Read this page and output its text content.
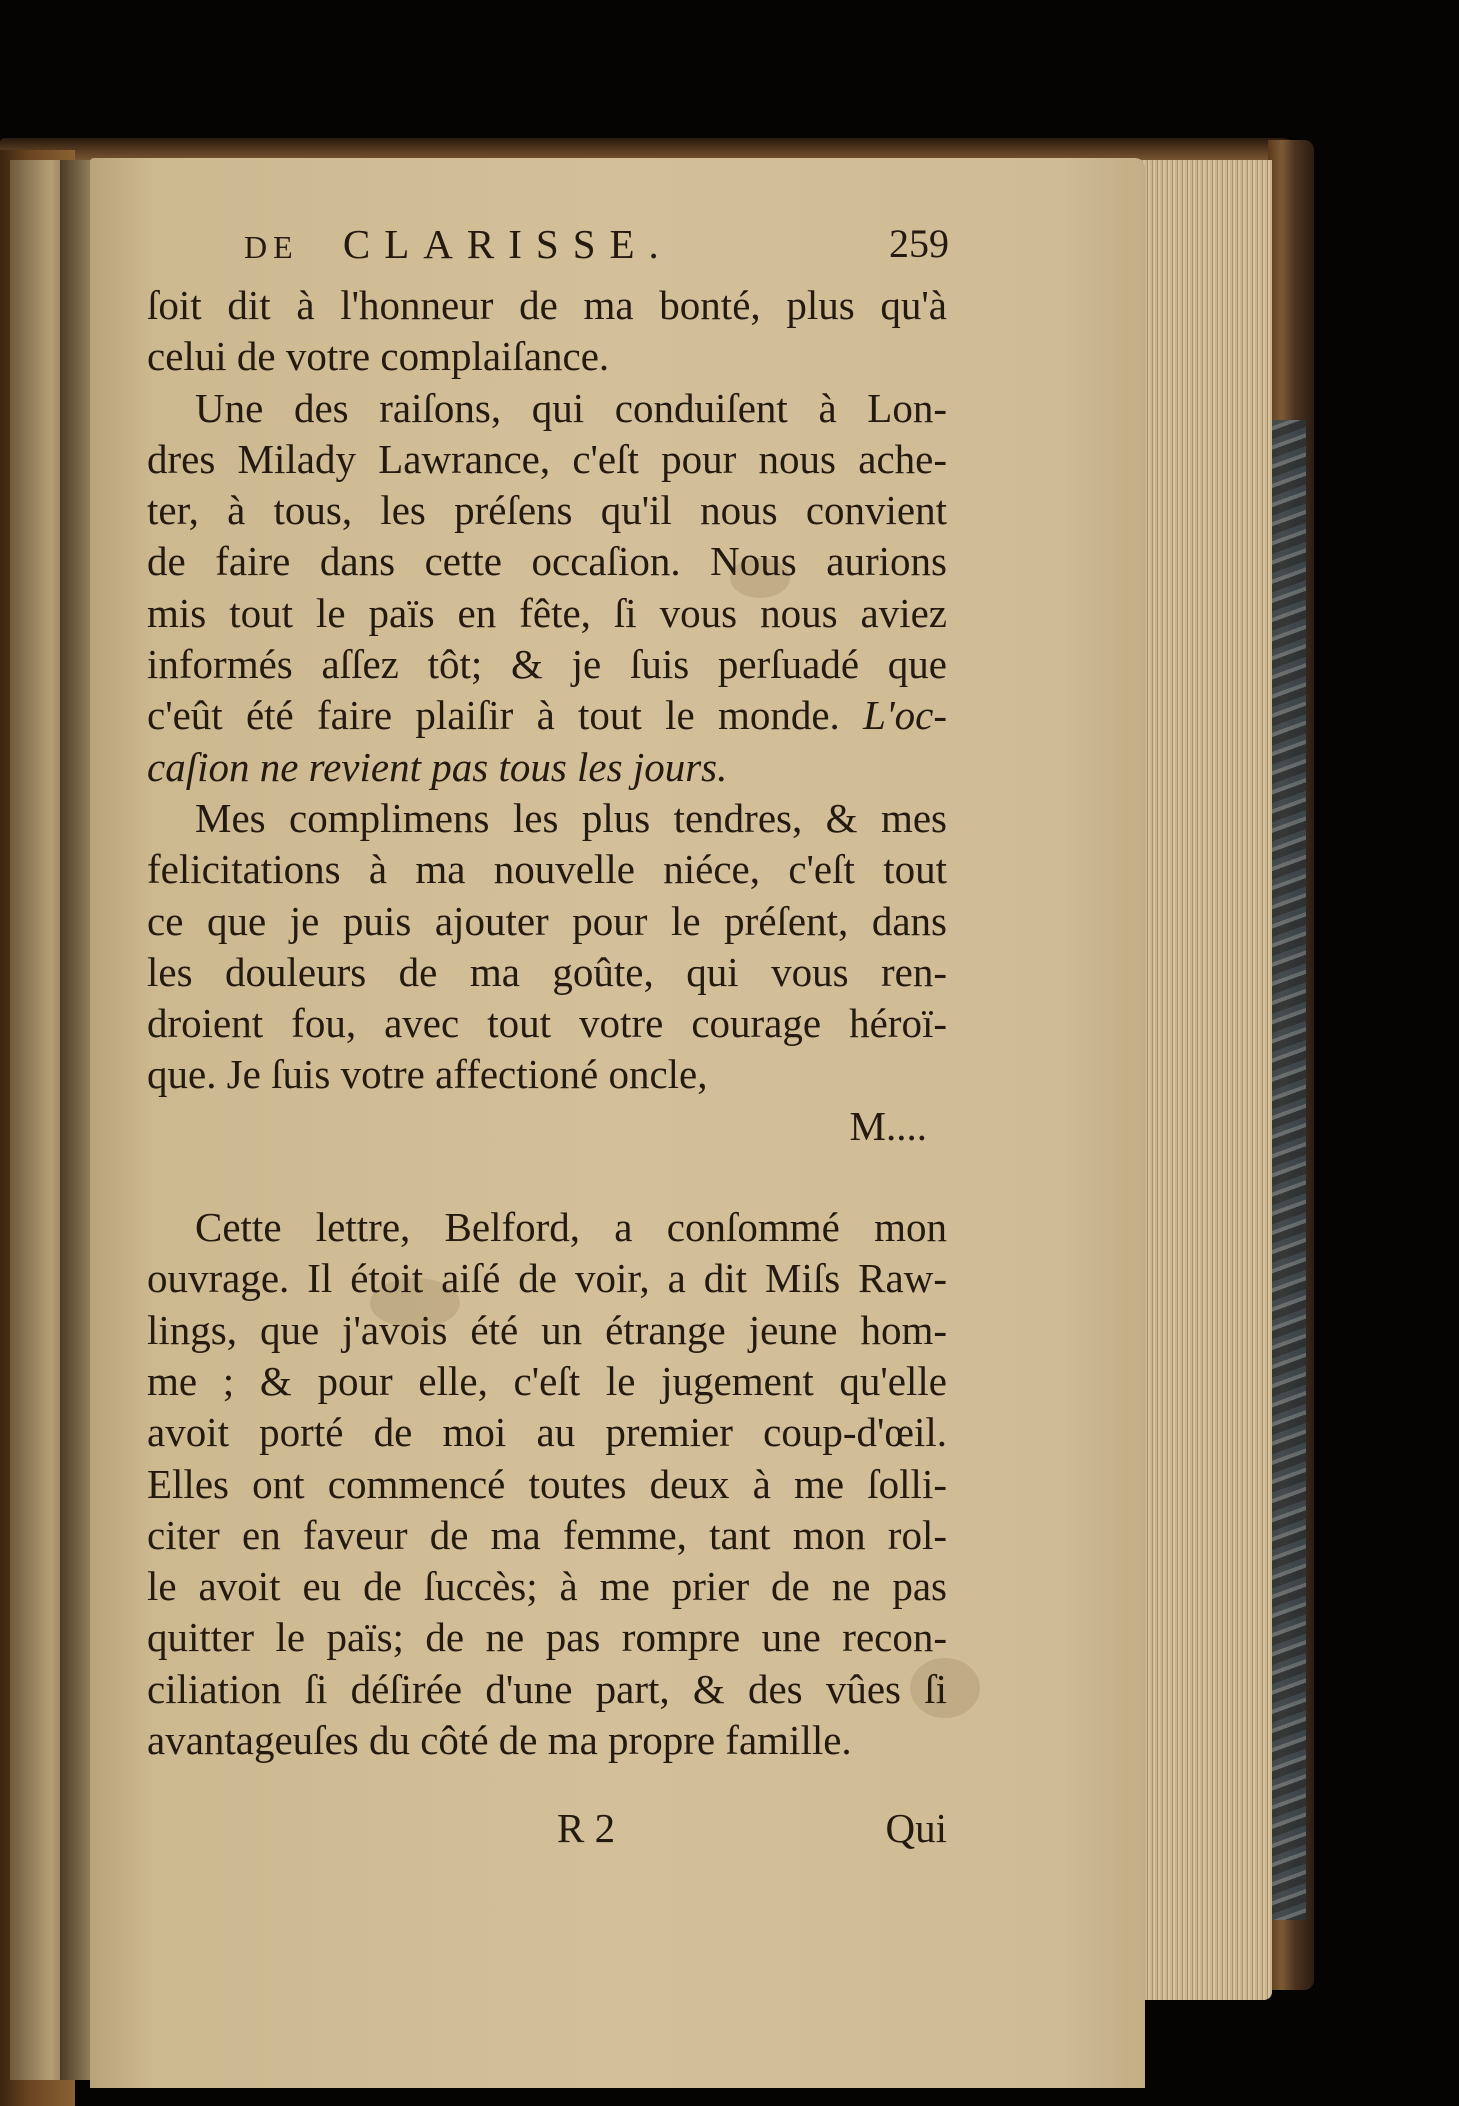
DE CLARISSE.	259
ſoit dit à l'honneur de ma bonté, plus qu'à
celui de votre complaiſance.
Une des raiſons, qui conduiſent à Lon-
dres Milady Lawrance, c'eſt pour nous ache-
ter, à tous, les préſens qu'il nous convient
de faire dans cette occaſion. Nous aurions
mis tout le païs en fête, ſi vous nous aviez
informés aſſez tôt; & je ſuis perſuadé que
c'eût été faire plaiſir à tout le monde. L'oc-
caſion ne revient pas tous les jours.
Mes complimens les plus tendres, & mes
felicitations à ma nouvelle niéce, c'eſt tout
ce que je puis ajouter pour le préſent, dans
les douleurs de ma goûte, qui vous ren-
droient fou, avec tout votre courage héroï-
que. Je ſuis votre affectioné oncle,
M....
Cette lettre, Belford, a conſommé mon
ouvrage. Il étoit aiſé de voir, a dit Miſs Raw-
lings, que j'avois été un étrange jeune hom-
me ; & pour elle, c'eſt le jugement qu'elle
avoit porté de moi au premier coup-d'œil.
Elles ont commencé toutes deux à me ſolli-
citer en faveur de ma femme, tant mon rol-
le avoit eu de ſuccès; à me prier de ne pas
quitter le païs; de ne pas rompre une recon-
ciliation ſi déſirée d'une part, & des vûes ſi
avantageuſes du côté de ma propre famille.
R 2	Qui
